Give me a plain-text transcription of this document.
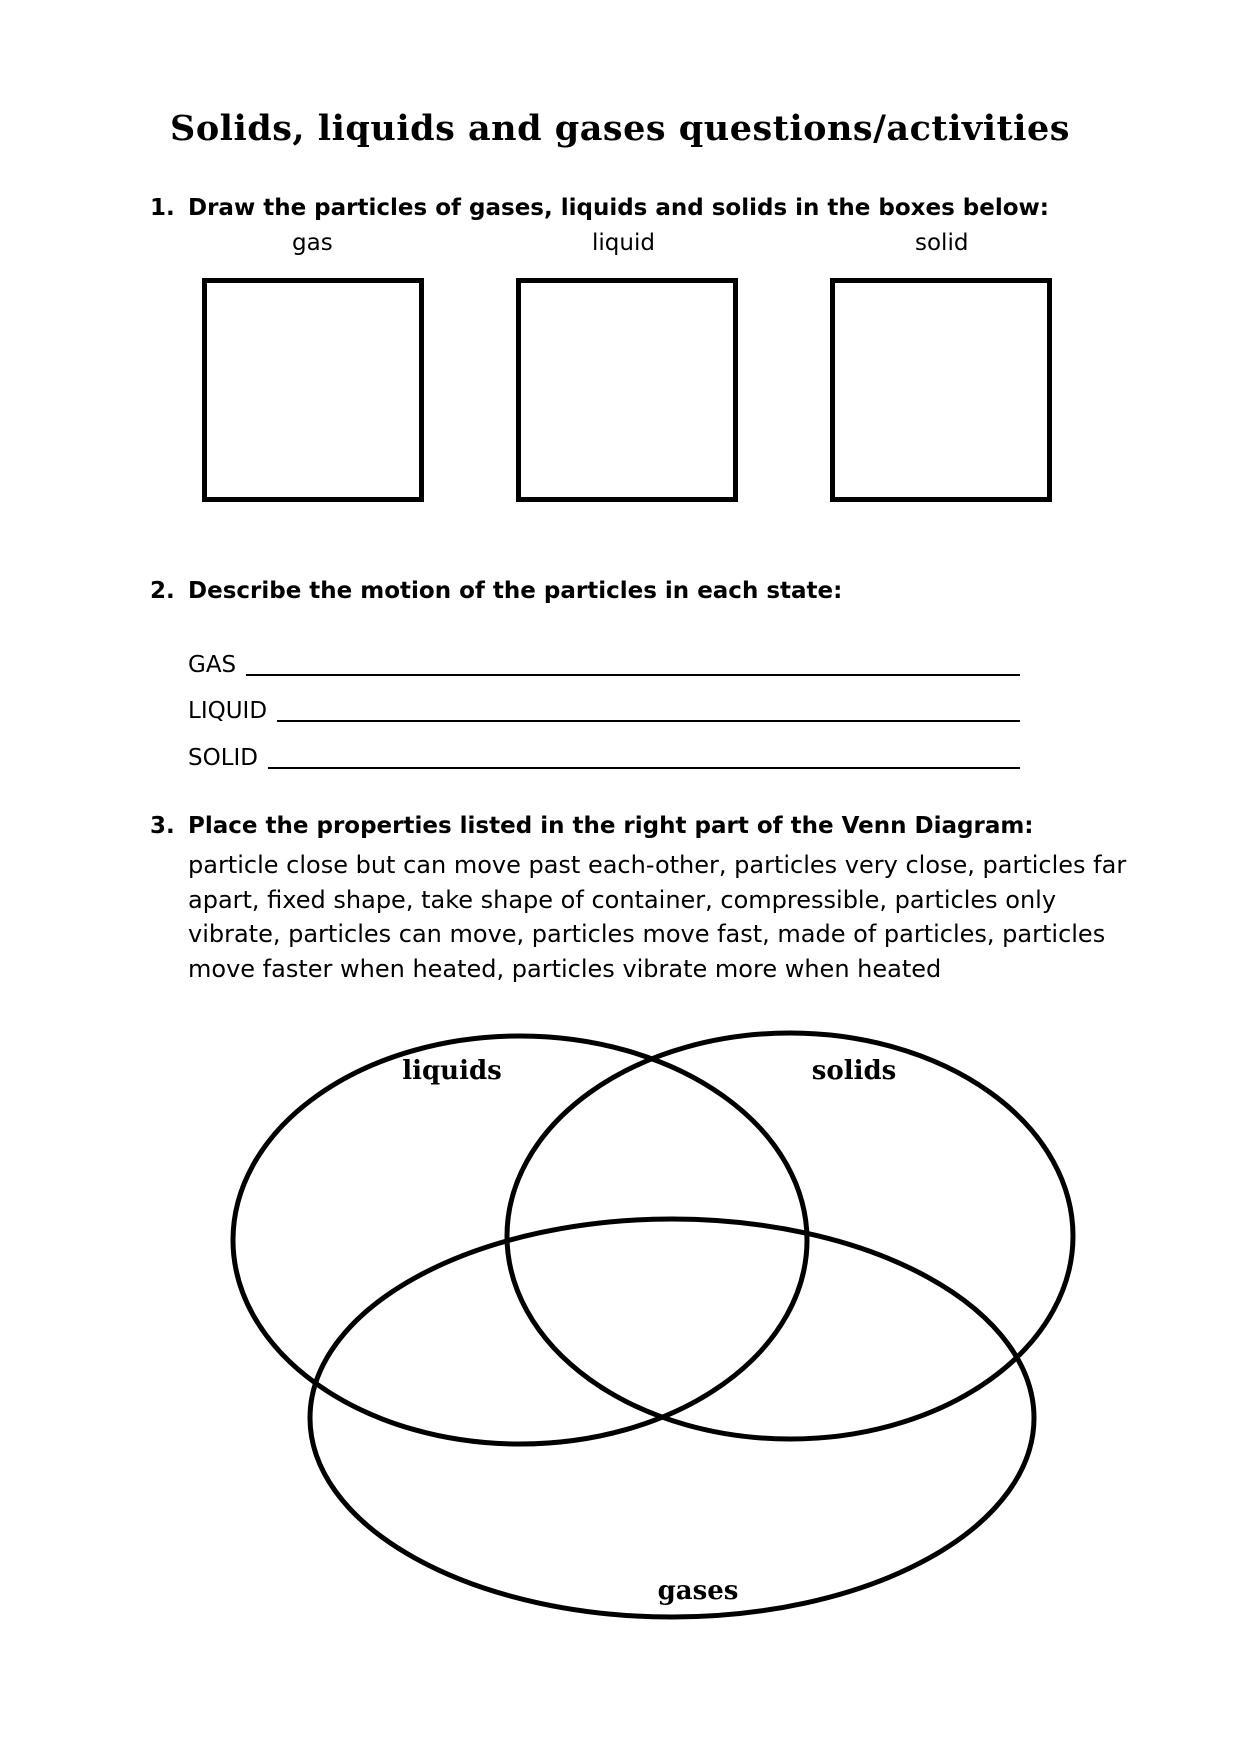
Solids, liquids and gases questions/activities
1. Draw the particles of gases, liquids and solids in the boxes below:
gas	liquid	solid
2. Describe the motion of the particles in each state:
GAS
LIQUID
SOLID
3. Place the properties listed in the right part of the Venn Diagram:
particle close but can move past each-other, particles very close, particles far apart, fixed shape, take shape of container, compressible, particles only vibrate, particles can move, particles move fast, made of particles, particles move faster when heated, particles vibrate more when heated
liquids	solids
gases
